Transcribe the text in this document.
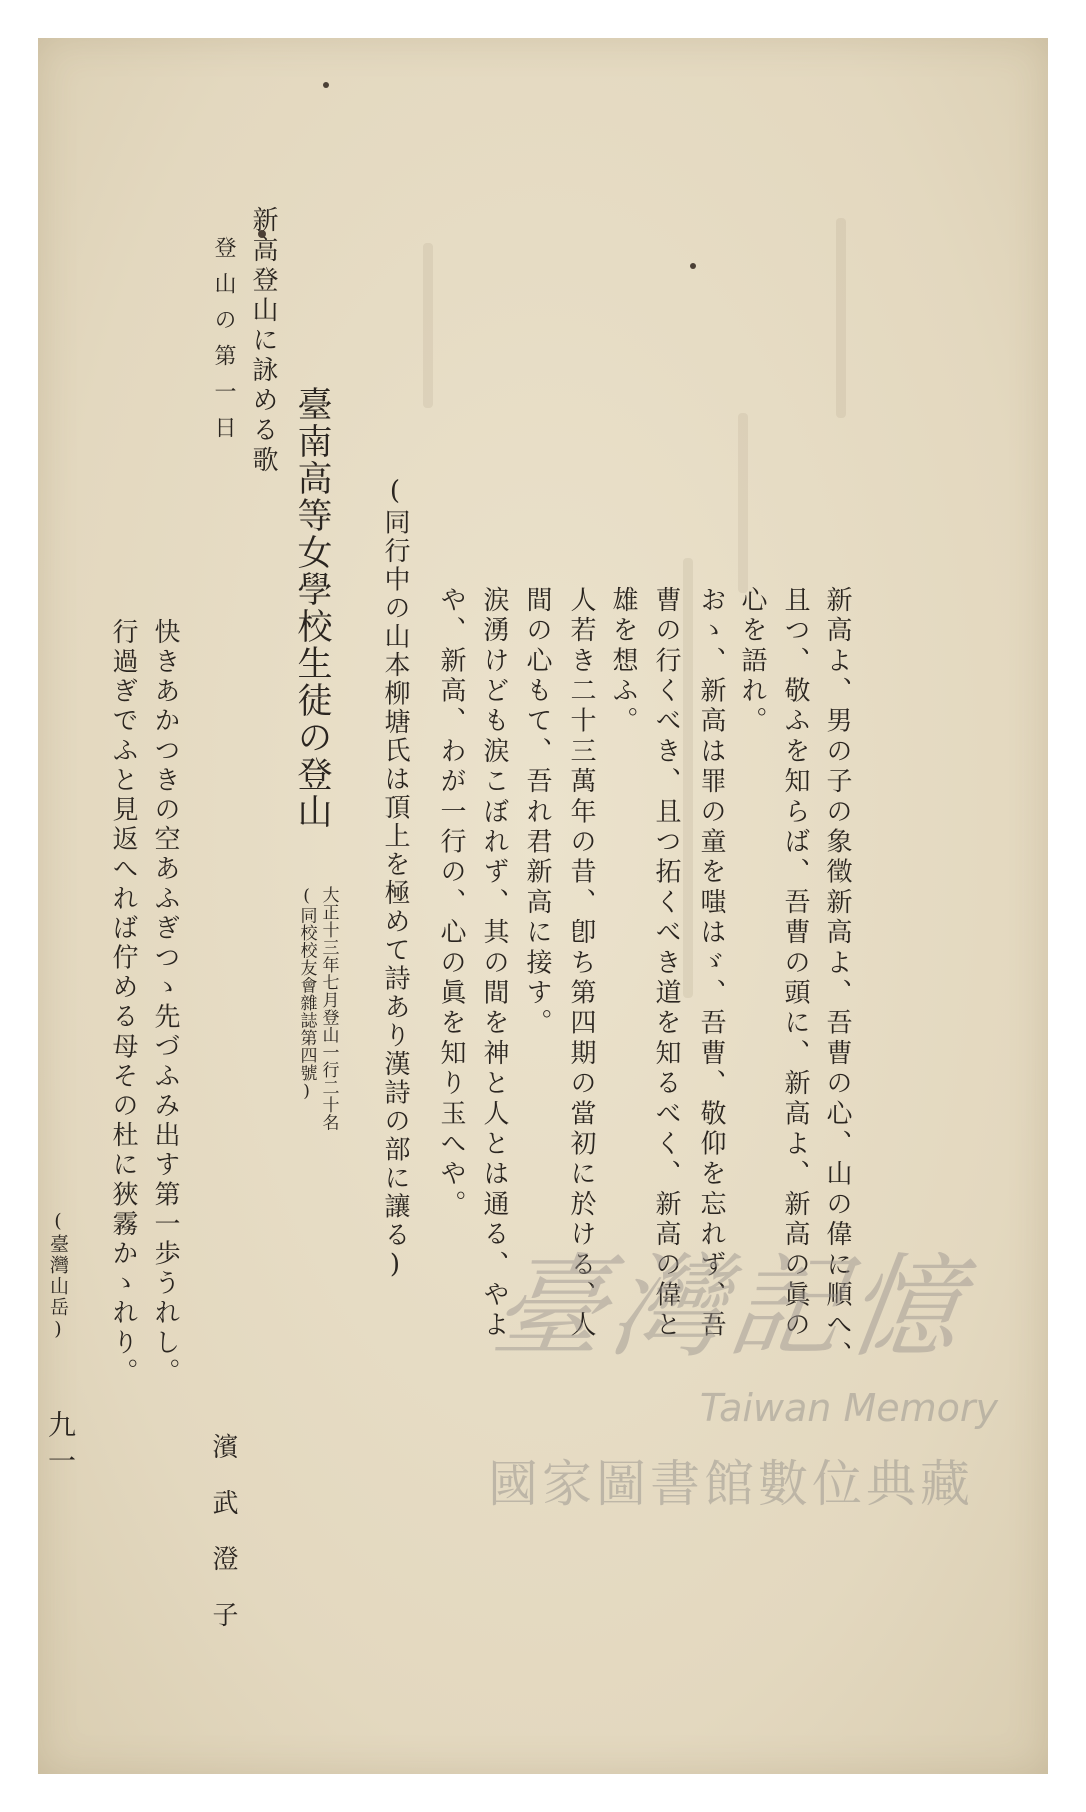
新高登山に詠める歌
登山の第一日
臺南高等女學校生徒の登山
大正十三年七月登山一行二十名
(同校校友會雜誌第四號)	新高よ、男の子の象徵新高よ、吾曹の心、山の偉に順へ、
且つ、敬ふを知らば、吾曹の頭に、新高よ、新高の眞の
心を語れ。
おゝ、新高は罪の童を嗤はゞ、吾曹、敬仰を忘れず、吾
曹の行くべき、且つ拓くべき道を知るべく、新高の偉と
雄を想ふ。
人若き二十三萬年の昔、卽ち第四期の當初に於ける、人
間の心もて、吾れ君新高に接す。
涙湧けども涙こぼれず、其の間を神と人とは通る、やよ
や、新高、わが一行の、心の眞を知り玉へや。
(同行中の山本柳塘氏は頂上を極めて詩あり漢詩の部に讓る)
濱武澄子
快きあかつきの空あふぎつゝ先づふみ出す第一歩うれし。
行過ぎでふと見返へれば佇める母その杜に狹霧かゝれり。
(臺灣山岳)
九一
臺灣記憶
Taiwan Memory
國家圖書館數位典藏
